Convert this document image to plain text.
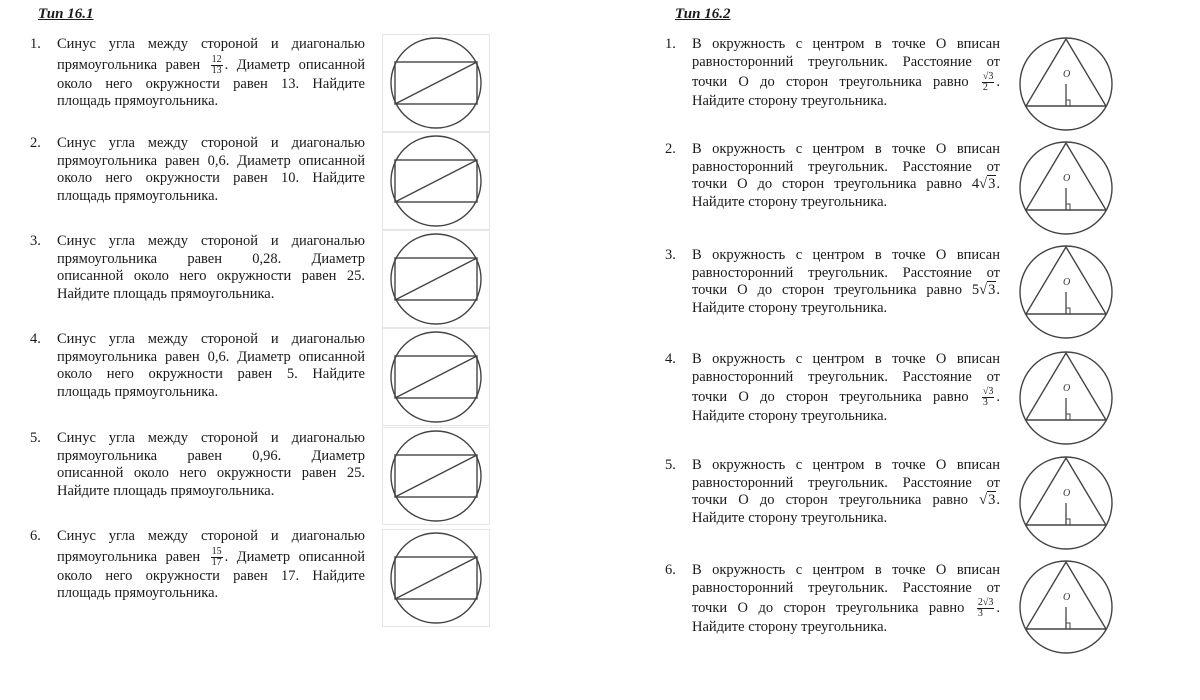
Тип 16.1	Тип 16.2
1. Синус угла между стороной и диагональю
прямоугольника равен $\frac{12}{13}$ . Диаметр описанной
около него окружности равен 13. Найдите
площадь прямоугольника.
2. Синус угла между стороной и диагональю
прямоугольника равен 0,6. Диаметр описанной
около него окружности равен 10. Найдите
площадь прямоугольника.
3. Синус угла между стороной и диагональю
прямоугольника равен 0,28. Диаметр
описанной около него окружности равен 25.
Найдите площадь прямоугольника.
4. Синус угла между стороной и диагональю
прямоугольника равен 0,6. Диаметр описанной
около него окружности равен 5. Найдите
площадь прямоугольника.
5. Синус угла между стороной и диагональю
прямоугольника равен 0,96. Диаметр
описанной около него окружности равен 25.
Найдите площадь прямоугольника.
6. Синус угла между стороной и диагональю
прямоугольника равен $\frac{15}{17}$ . Диаметр описанной
около него окружности равен 17. Найдите
площадь прямоугольника.
1. В окружность с центром в точке O вписан
равносторонний треугольник. Расстояние от
точки O до сторон треугольника равно $\frac{√3}{2}$ .
Найдите сторону треугольника.
2. В окружность с центром в точке O вписан
равносторонний треугольник. Расстояние от
точки O до сторон треугольника равно 4√3.
Найдите сторону треугольника.
3. В окружность с центром в точке O вписан
равносторонний треугольник. Расстояние от
точки O до сторон треугольника равно 5√3.
Найдите сторону треугольника.
4. В окружность с центром в точке O вписан
равносторонний треугольник. Расстояние от
точки O до сторон треугольника равно $\frac{√3}{3}$ .
Найдите сторону треугольника.
5. В окружность с центром в точке O вписан
равносторонний треугольник. Расстояние от
точки O до сторон треугольника равно √3.
Найдите сторону треугольника.
6. В окружность с центром в точке O вписан
равносторонний треугольник. Расстояние от
точки O до сторон треугольника равно $\frac{2√3}{3}$ .
Найдите сторону треугольника.
O
O
O
O
O
O
